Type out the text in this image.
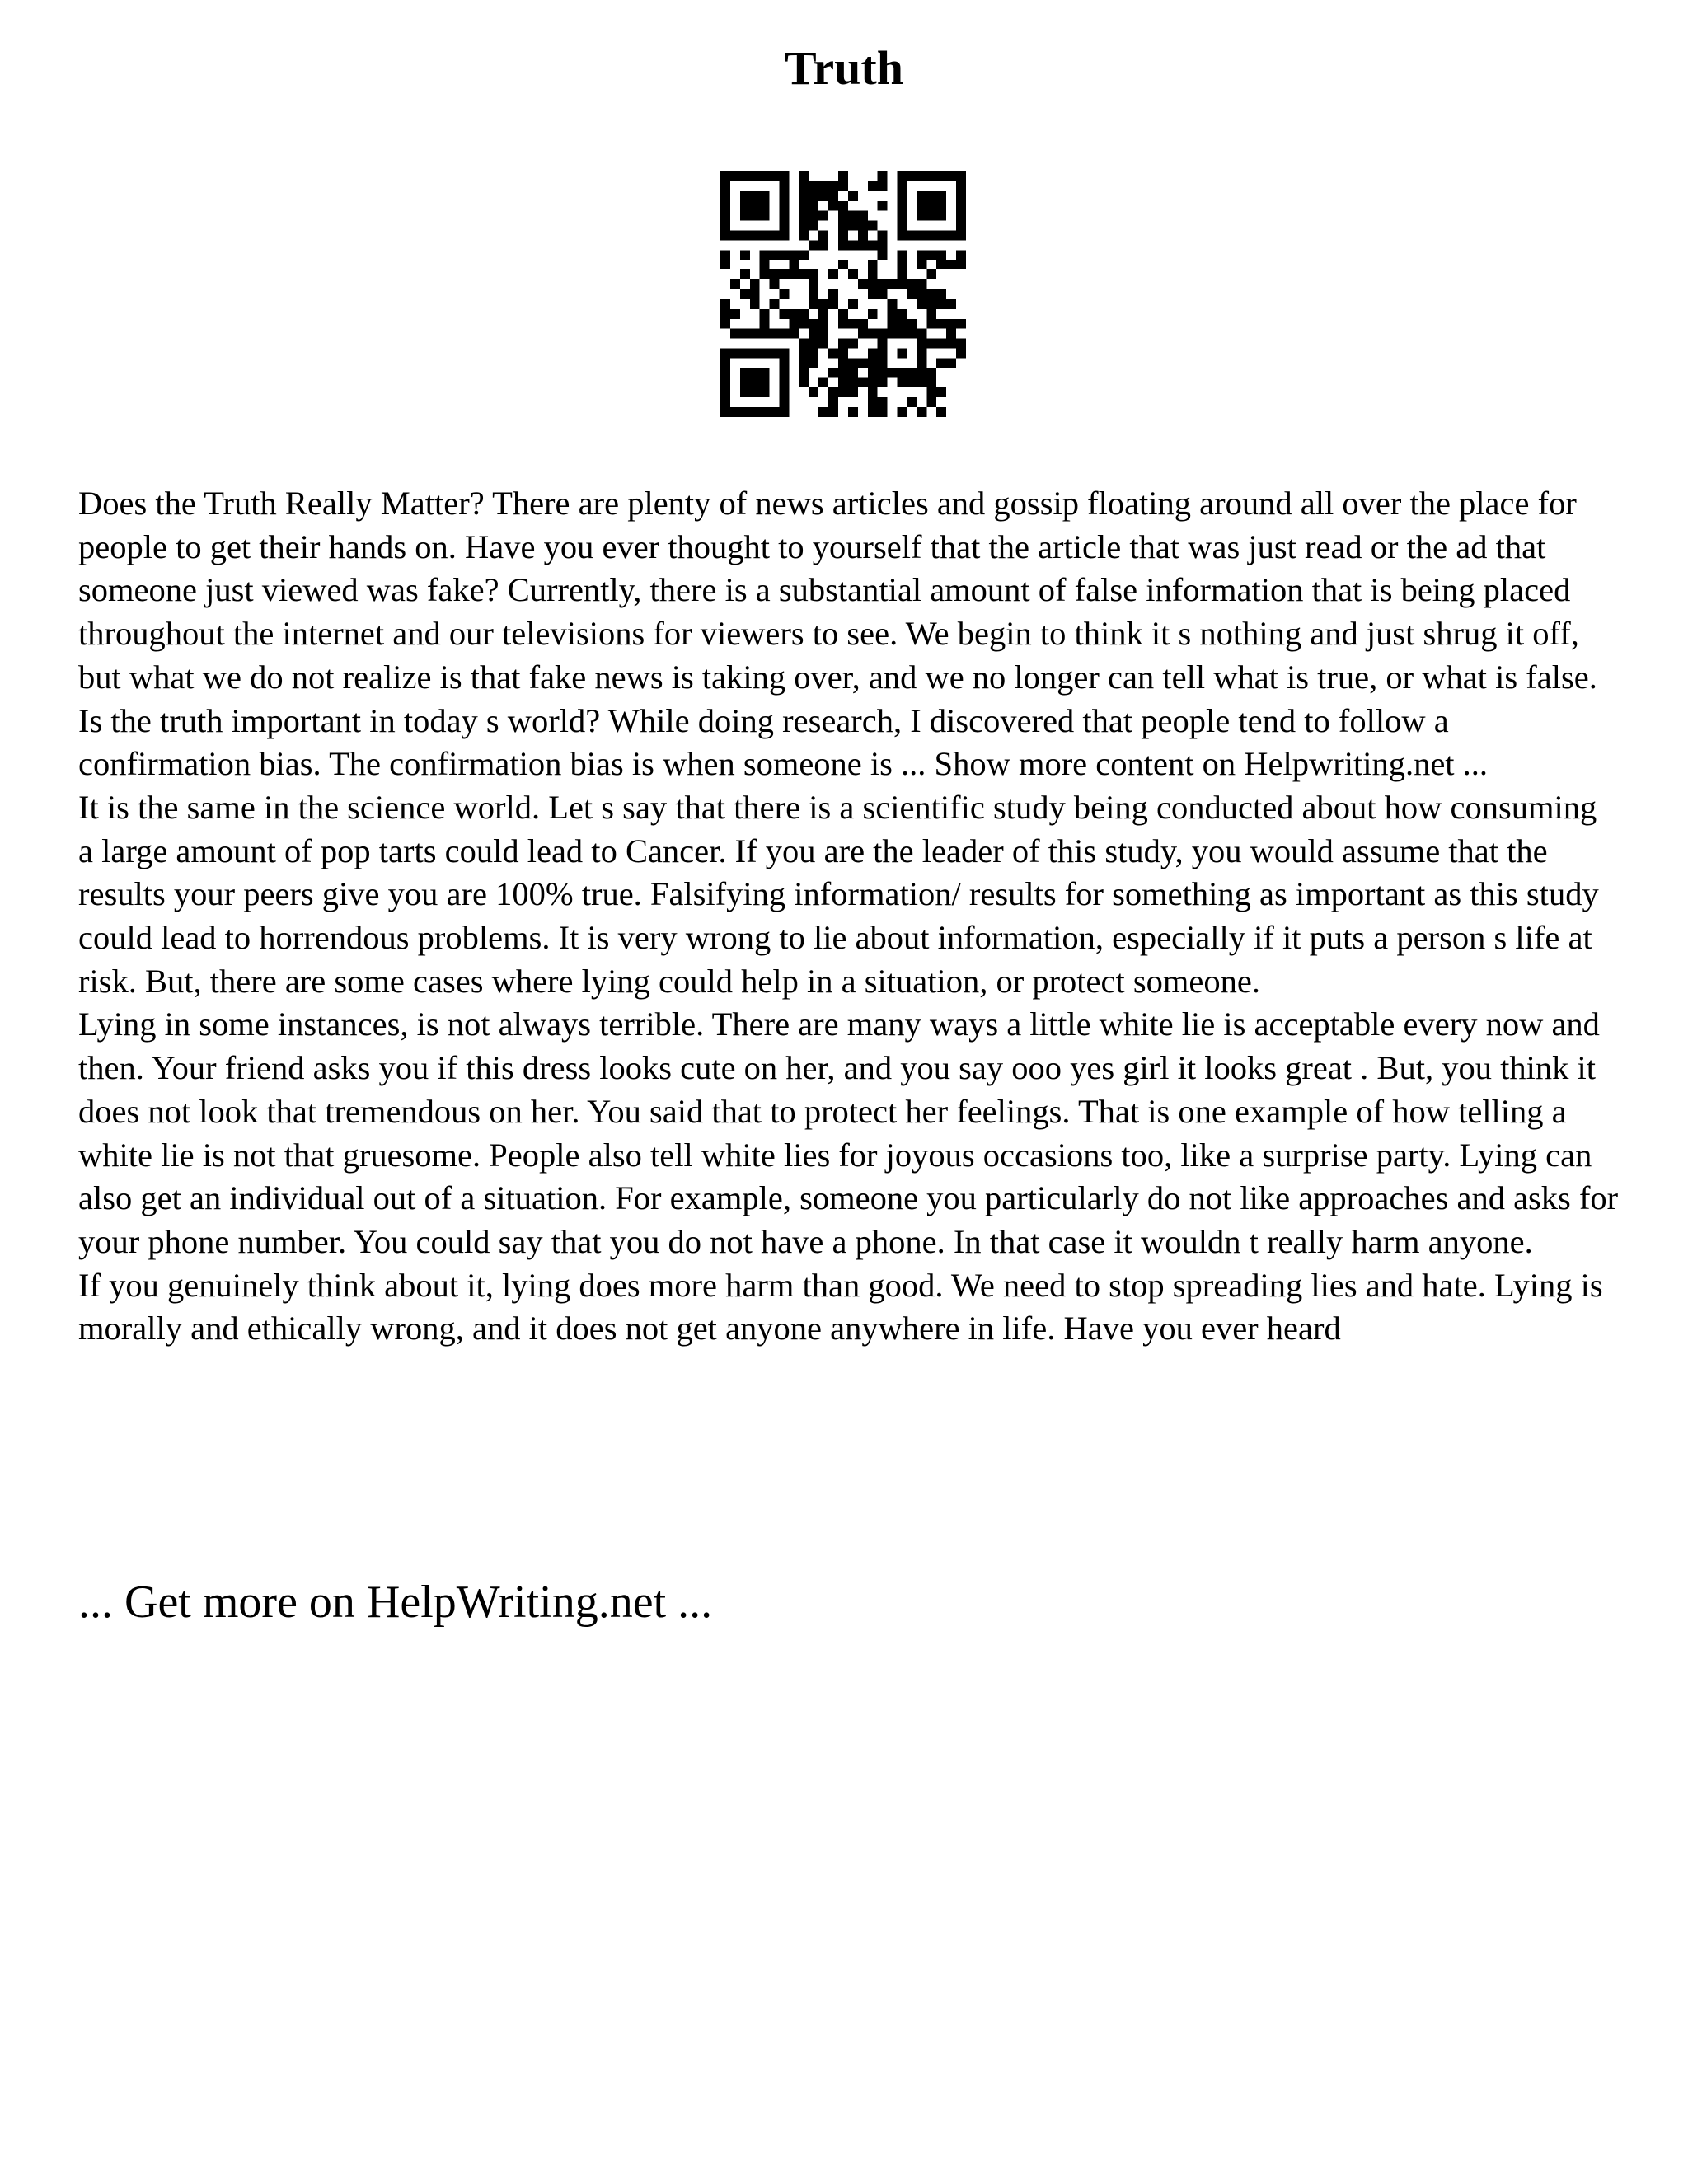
Truth

Does the Truth Really Matter? There are plenty of news articles and gossip floating around all over the place for people to get their hands on. Have you ever thought to yourself that the article that was just read or the ad that someone just viewed was fake? Currently, there is a substantial amount of false information that is being placed throughout the internet and our televisions for viewers to see. We begin to think it s nothing and just shrug it off, but what we do not realize is that fake news is taking over, and we no longer can tell what is true, or what is false. Is the truth important in today s world? While doing research, I discovered that people tend to follow a confirmation bias. The confirmation bias is when someone is ... Show more content on Helpwriting.net ...

It is the same in the science world. Let s say that there is a scientific study being conducted about how consuming a large amount of pop tarts could lead to Cancer. If you are the leader of this study, you would assume that the results your peers give you are 100% true. Falsifying information/ results for something as important as this study could lead to horrendous problems. It is very wrong to lie about information, especially if it puts a person s life at risk. But, there are some cases where lying could help in a situation, or protect someone.

Lying in some instances, is not always terrible. There are many ways a little white lie is acceptable every now and then. Your friend asks you if this dress looks cute on her, and you say ooo yes girl it looks great . But, you think it does not look that tremendous on her. You said that to protect her feelings. That is one example of how telling a white lie is not that gruesome. People also tell white lies for joyous occasions too, like a surprise party. Lying can also get an individual out of a situation. For example, someone you particularly do not like approaches and asks for your phone number. You could say that you do not have a phone. In that case it wouldn t really harm anyone.

If you genuinely think about it, lying does more harm than good. We need to stop spreading lies and hate. Lying is morally and ethically wrong, and it does not get anyone anywhere in life. Have you ever heard

... Get more on HelpWriting.net ...
